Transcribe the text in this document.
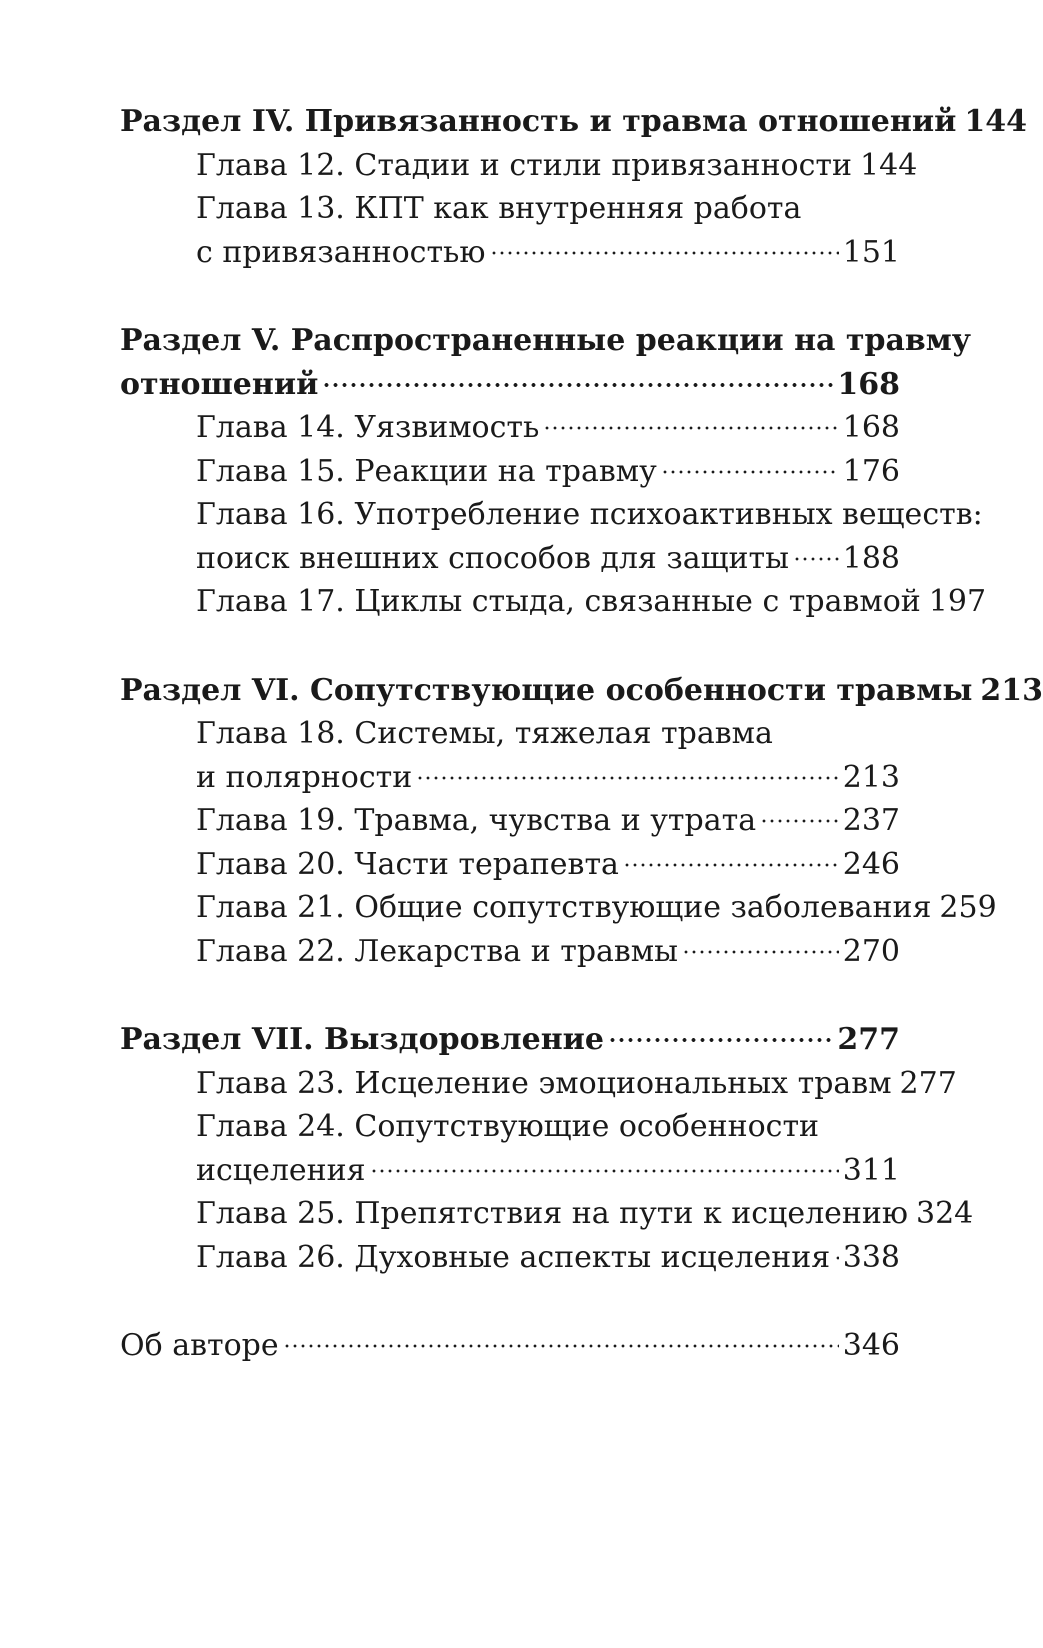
Раздел IV. Привязанность и травма отношений 144
Глава 12. Стадии и стили привязанности 144
Глава 13. КПТ как внутренняя работа
с привязанностью	151
Раздел V. Распространенные реакции на травму
отношений	168
Глава 14. Уязвимость	168
Глава 15. Реакции на травму	176
Глава 16. Употребление психоактивных веществ:
поиск внешних способов для защиты 188
Глава 17. Циклы стыда, связанные с травмой 197
Раздел VI. Сопутствующие особенности травмы 213
Глава 18. Системы, тяжелая травма
и полярности	213
Глава 19. Травма, чувства и утрата	237
Глава 20. Части терапевта	246
Глава 21. Общие сопутствующие заболевания 259
Глава 22. Лекарства и травмы	270
Раздел VII. Выздоровление	277
Глава 23. Исцеление эмоциональных травм 277
Глава 24. Сопутствующие особенности
исцеления	311
Глава 25. Препятствия на пути к исцелению 324
Глава 26. Духовные аспекты исцеления 338
Об авторе	346
